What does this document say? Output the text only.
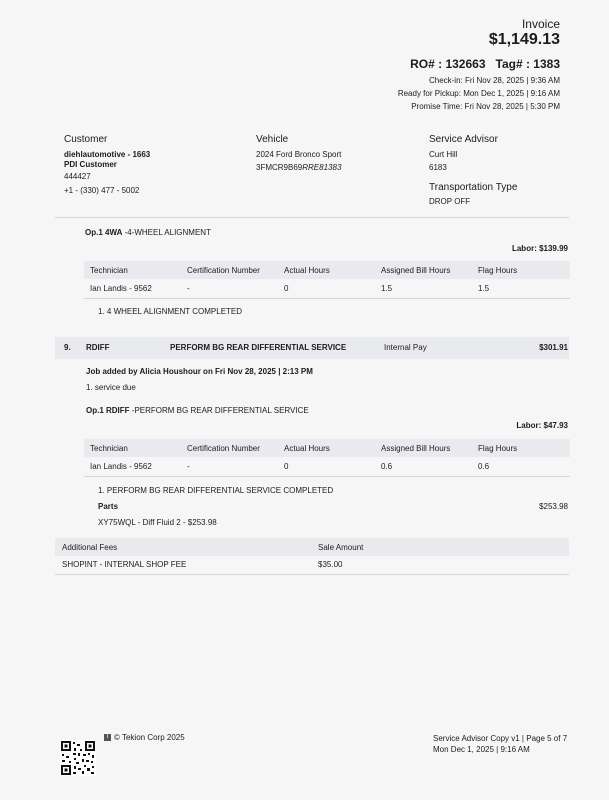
Invoice
$1,149.13
RO# : 132663 Tag# : 1383
Check-in: Fri Nov 28, 2025 | 9:36 AM
Ready for Pickup: Mon Dec 1, 2025 | 9:16 AM
Promise Time: Fri Nov 28, 2025 | 5:30 PM
Customer
diehlautomotive - 1663
PDI Customer
444427
+1 - (330) 477 - 5002
Vehicle
2024 Ford Bronco Sport
3FMCR9B69RRE81383
Service Advisor
Curt Hill
6183
Transportation Type
DROP OFF
Op.1 4WA -4-WHEEL ALIGNMENT
Labor: $139.99
Technician	Certification Number	Actual Hours	Assigned Bill Hours	Flag Hours
Ian Landis - 9562	-	0	1.5	1.5
1. 4 WHEEL ALIGNMENT COMPLETED
9. RDIFF	PERFORM BG REAR DIFFERENTIAL SERVICE	Internal Pay	$301.91
Job added by Alicia Houshour on Fri Nov 28, 2025 | 2:13 PM
1. service due
Op.1 RDIFF -PERFORM BG REAR DIFFERENTIAL SERVICE
Labor: $47.93
Technician	Certification Number	Actual Hours	Assigned Bill Hours	Flag Hours
Ian Landis - 9562	-	0	0.6	0.6
1. PERFORM BG REAR DIFFERENTIAL SERVICE COMPLETED
Parts	$253.98
XY75WQL - Diff Fluid 2 - $253.98
Additional Fees	Sale Amount
SHOPINT - INTERNAL SHOP FEE	$35.00
T © Tekion Corp 2025	Service Advisor Copy v1 | Page 5 of 7
Mon Dec 1, 2025 | 9:16 AM
